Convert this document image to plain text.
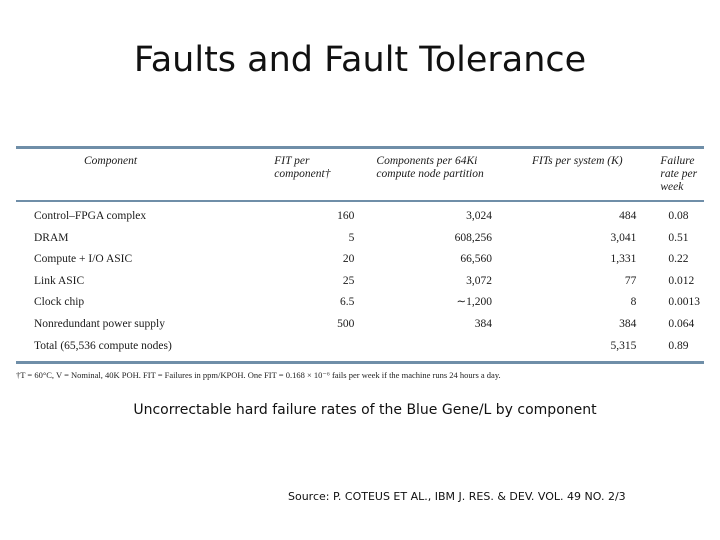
Faults and Fault Tolerance
Component	FIT per component†	Components per 64Ki compute node partition	FITs per system (K)	Failure rate per week

Control–FPGA complex	160	3,024	484	0.08
DRAM	5	608,256	3,041	0.51
Compute + I/O ASIC	20	66,560	1,331	0.22
Link ASIC	25	3,072	77	0.012
Clock chip	6.5	∼1,200	8	0.0013
Nonredundant power supply	500	384	384	0.064
Total (65,536 compute nodes)			5,315	0.89
†T = 60°C, V = Nominal, 40K POH. FIT = Failures in ppm/KPOH. One FIT = 0.168 × 10⁻⁶ fails per week if the machine runs 24 hours a day.
Uncorrectable hard failure rates of the Blue Gene/L by component
Source: P. COTEUS ET AL., IBM J. RES. & DEV. VOL. 49 NO. 2/3
